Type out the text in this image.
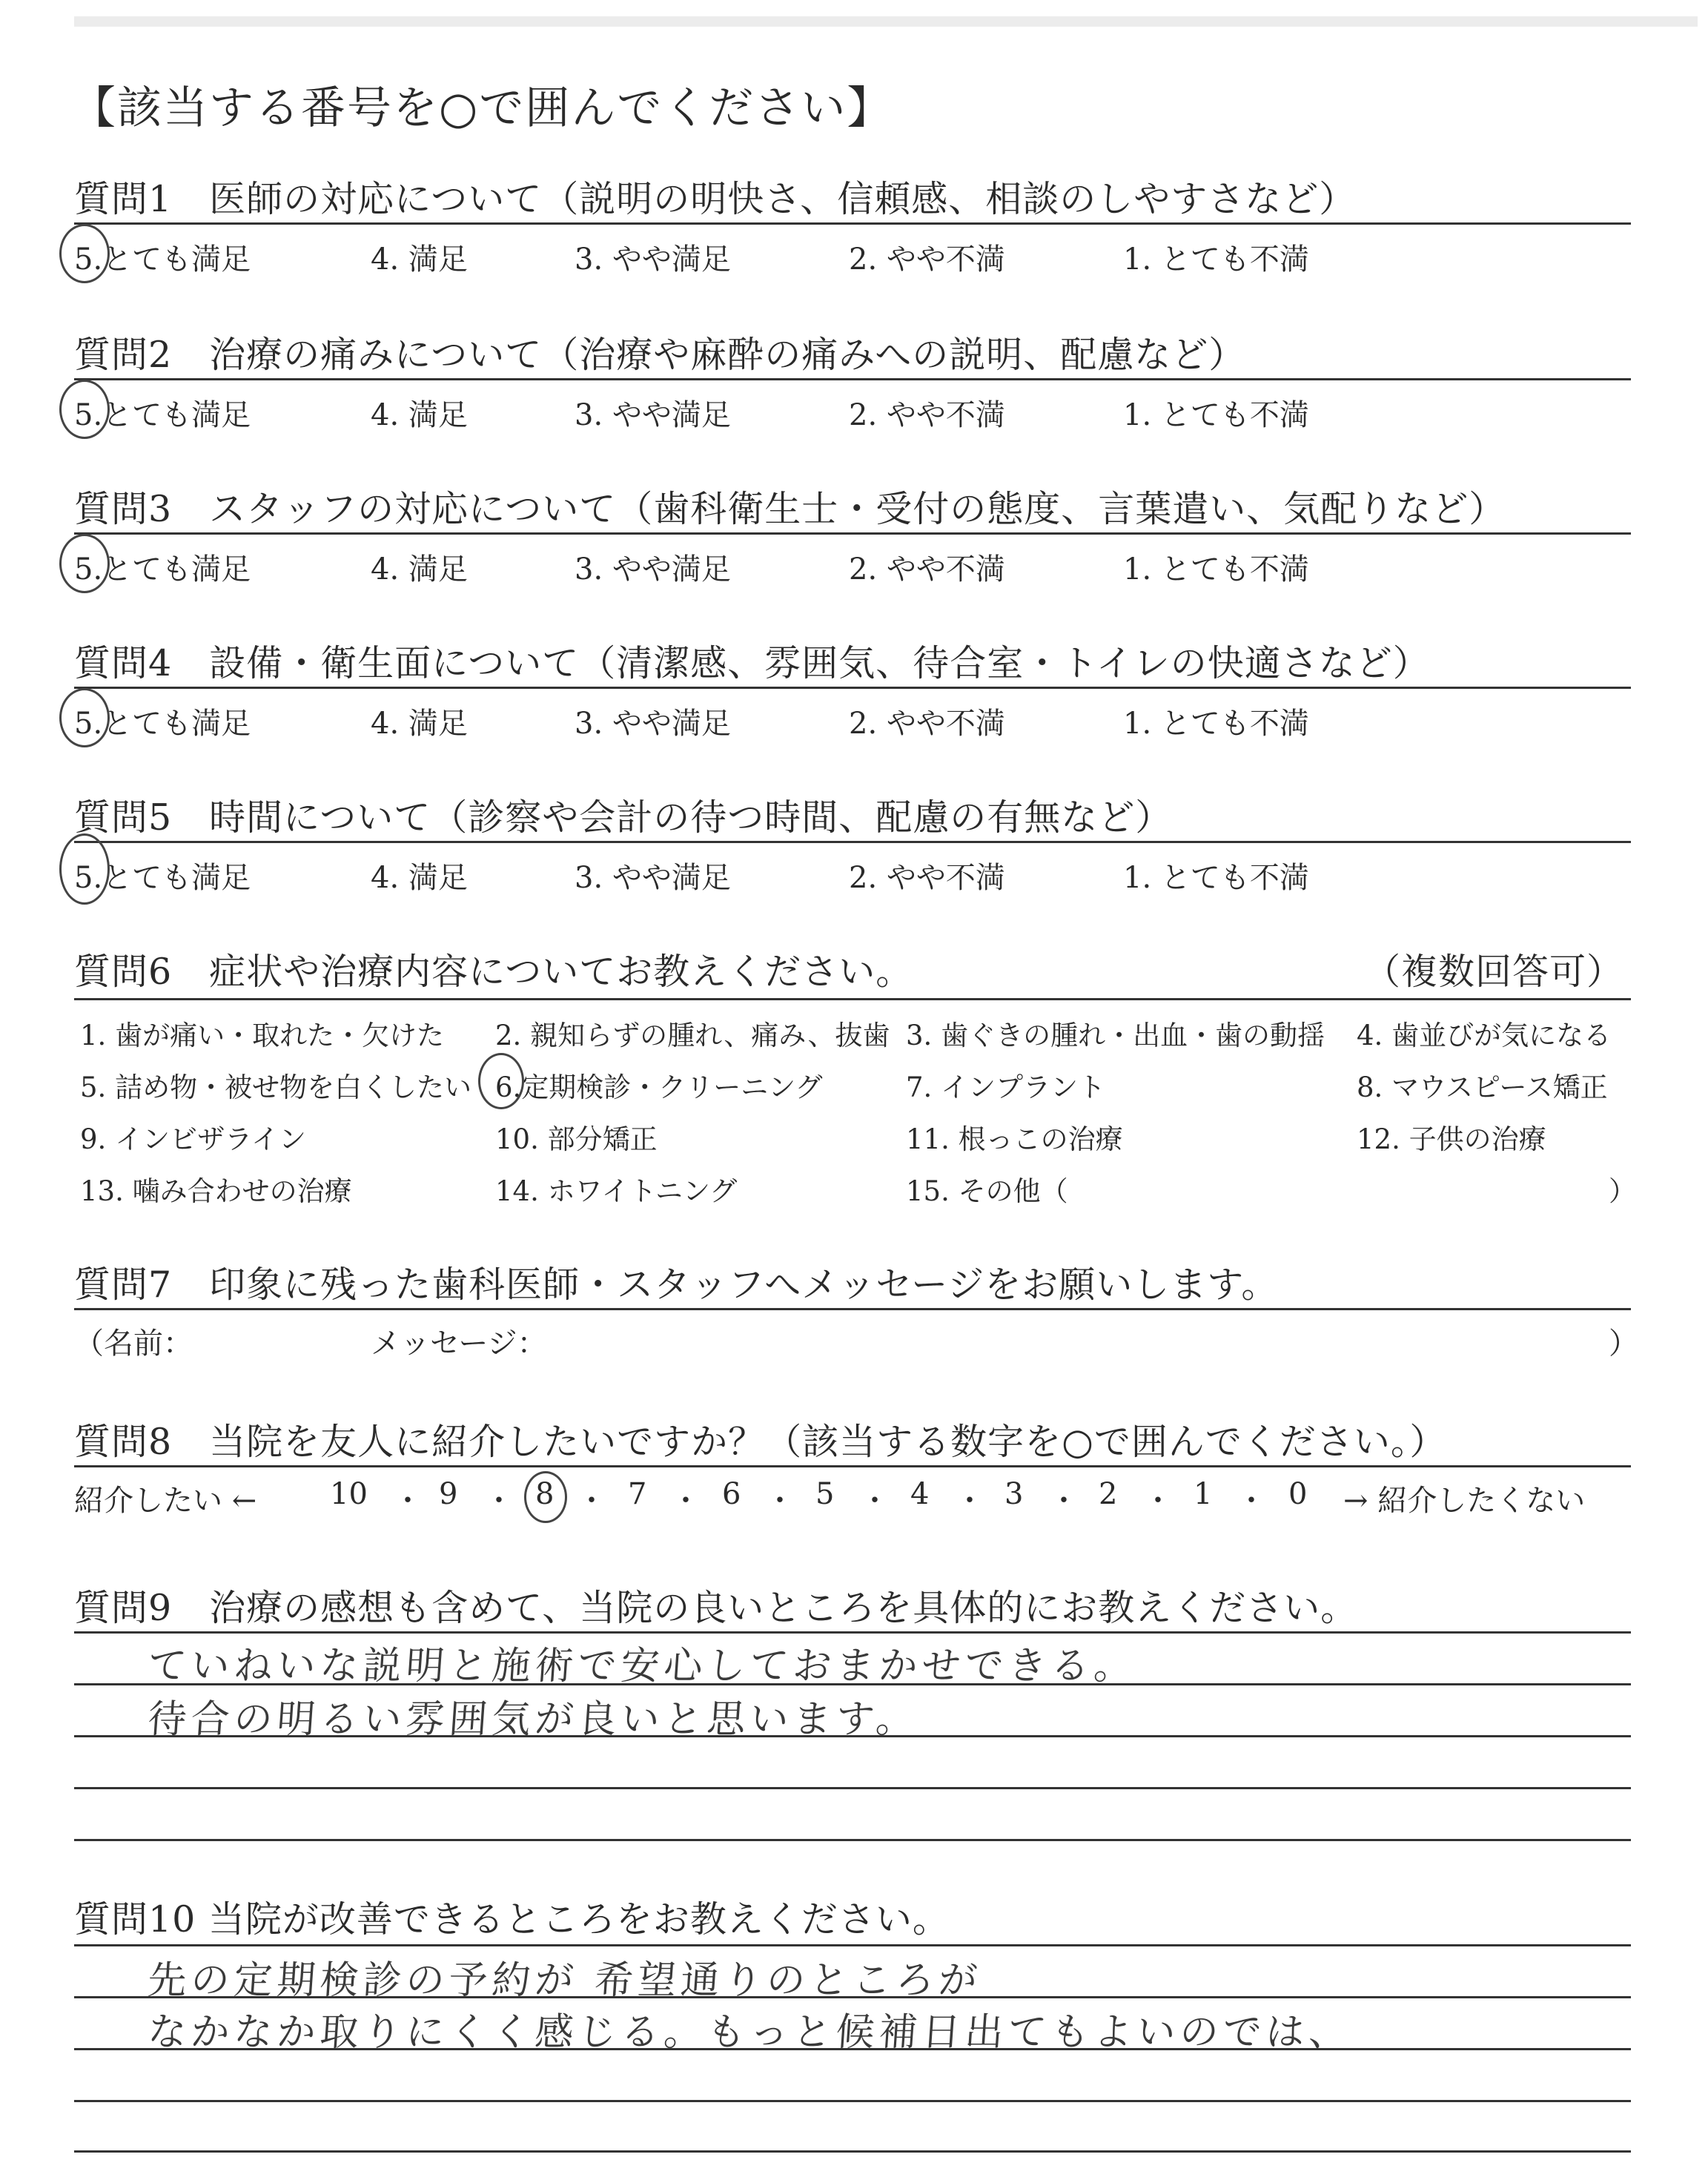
【該当する番号を○で囲んでください】
質問1　医師の対応について（説明の明快さ、信頼感、相談のしやすさなど）
5.とても満足	4. 満足	3. やや満足	2. やや不満	1. とても不満
質問2　治療の痛みについて（治療や麻酔の痛みへの説明、配慮など）
5.とても満足	4. 満足	3. やや満足	2. やや不満	1. とても不満
質問3　スタッフの対応について（歯科衛生士・受付の態度、言葉遣い、気配りなど）
5.とても満足	4. 満足	3. やや満足	2. やや不満	1. とても不満
質問4　設備・衛生面について（清潔感、雰囲気、待合室・トイレの快適さなど）
5.とても満足	4. 満足	3. やや満足	2. やや不満	1. とても不満
質問5　時間について（診察や会計の待つ時間、配慮の有無など）
5.とても満足	4. 満足	3. やや満足	2. やや不満	1. とても不満
質問6　症状や治療内容についてお教えください。	（複数回答可）
1. 歯が痛い・取れた・欠けた 2. 親知らずの腫れ、痛み、抜歯 3. 歯ぐきの腫れ・出血・歯の動揺 4. 歯並びが気になる
5. 詰め物・被せ物を白くしたい 6.定期検診・クリーニング	7. インプラント	8. マウスピース矯正
9. インビザライン	10. 部分矯正	11. 根っこの治療	12. 子供の治療
13. 噛み合わせの治療	14. ホワイトニング	15. その他（	）
質問7　印象に残った歯科医師・スタッフへメッセージをお願いします。
（名前：	メッセージ：	）
質問8　当院を友人に紹介したいですか？（該当する数字を○で囲んでください。）
紹介したい ← 10 ・ 9 ・ 8 ・ 7 ・ 6 ・ 5 ・ 4 ・ 3 ・ 2 ・ 1 ・ 0 → 紹介したくない
質問9　治療の感想も含めて、当院の良いところを具体的にお教えください。
ていねいな説明と施術で安心しておまかせできる。
待合の明るい雰囲気が良いと思います。
質問10 当院が改善できるところをお教えください。
先の定期検診の予約が 希望通りのところが
なかなか取りにくく感じる。もっと候補日出てもよいのでは、
